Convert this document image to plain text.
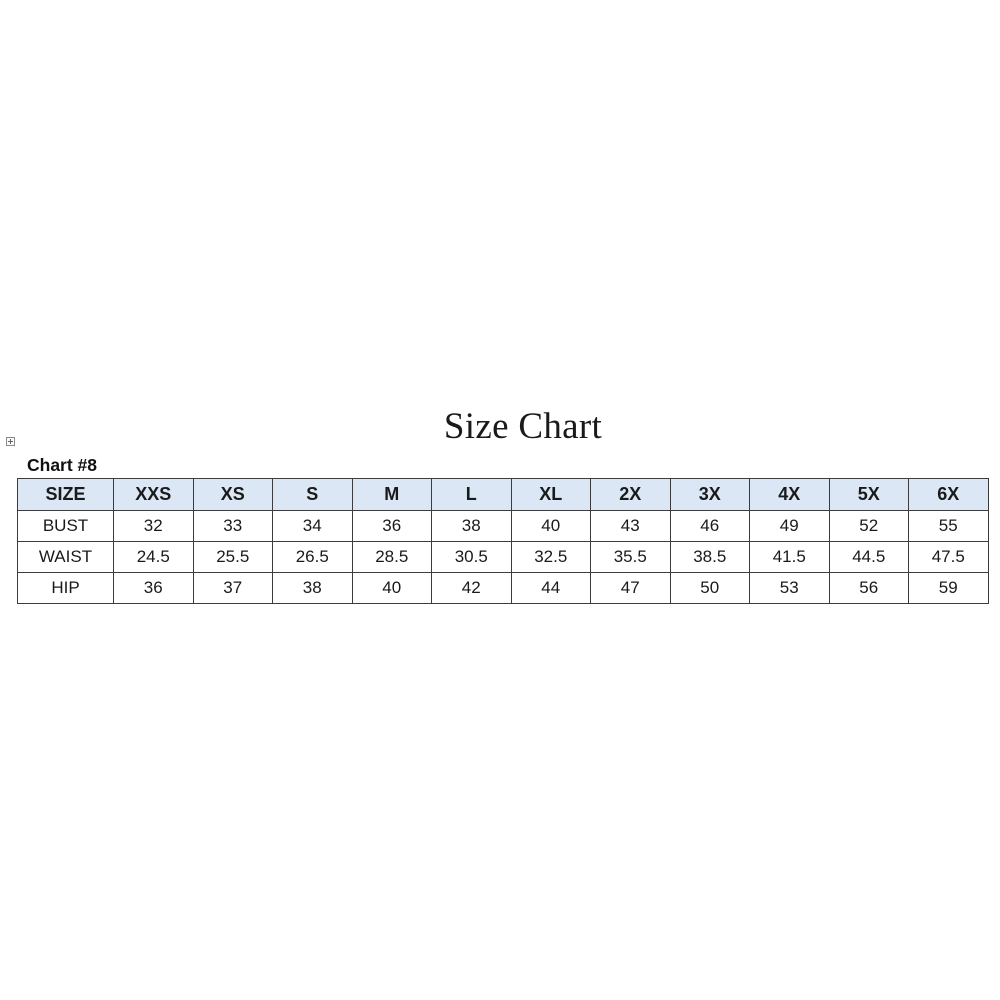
Size Chart
Chart #8
SIZE	XXS	XS	S	M	L	XL	2X	3X	4X	5X	6X
BUST	32	33	34	36	38	40	43	46	49	52	55
WAIST	24.5	25.5	26.5	28.5	30.5	32.5	35.5	38.5	41.5	44.5	47.5
HIP	36	37	38	40	42	44	47	50	53	56	59
